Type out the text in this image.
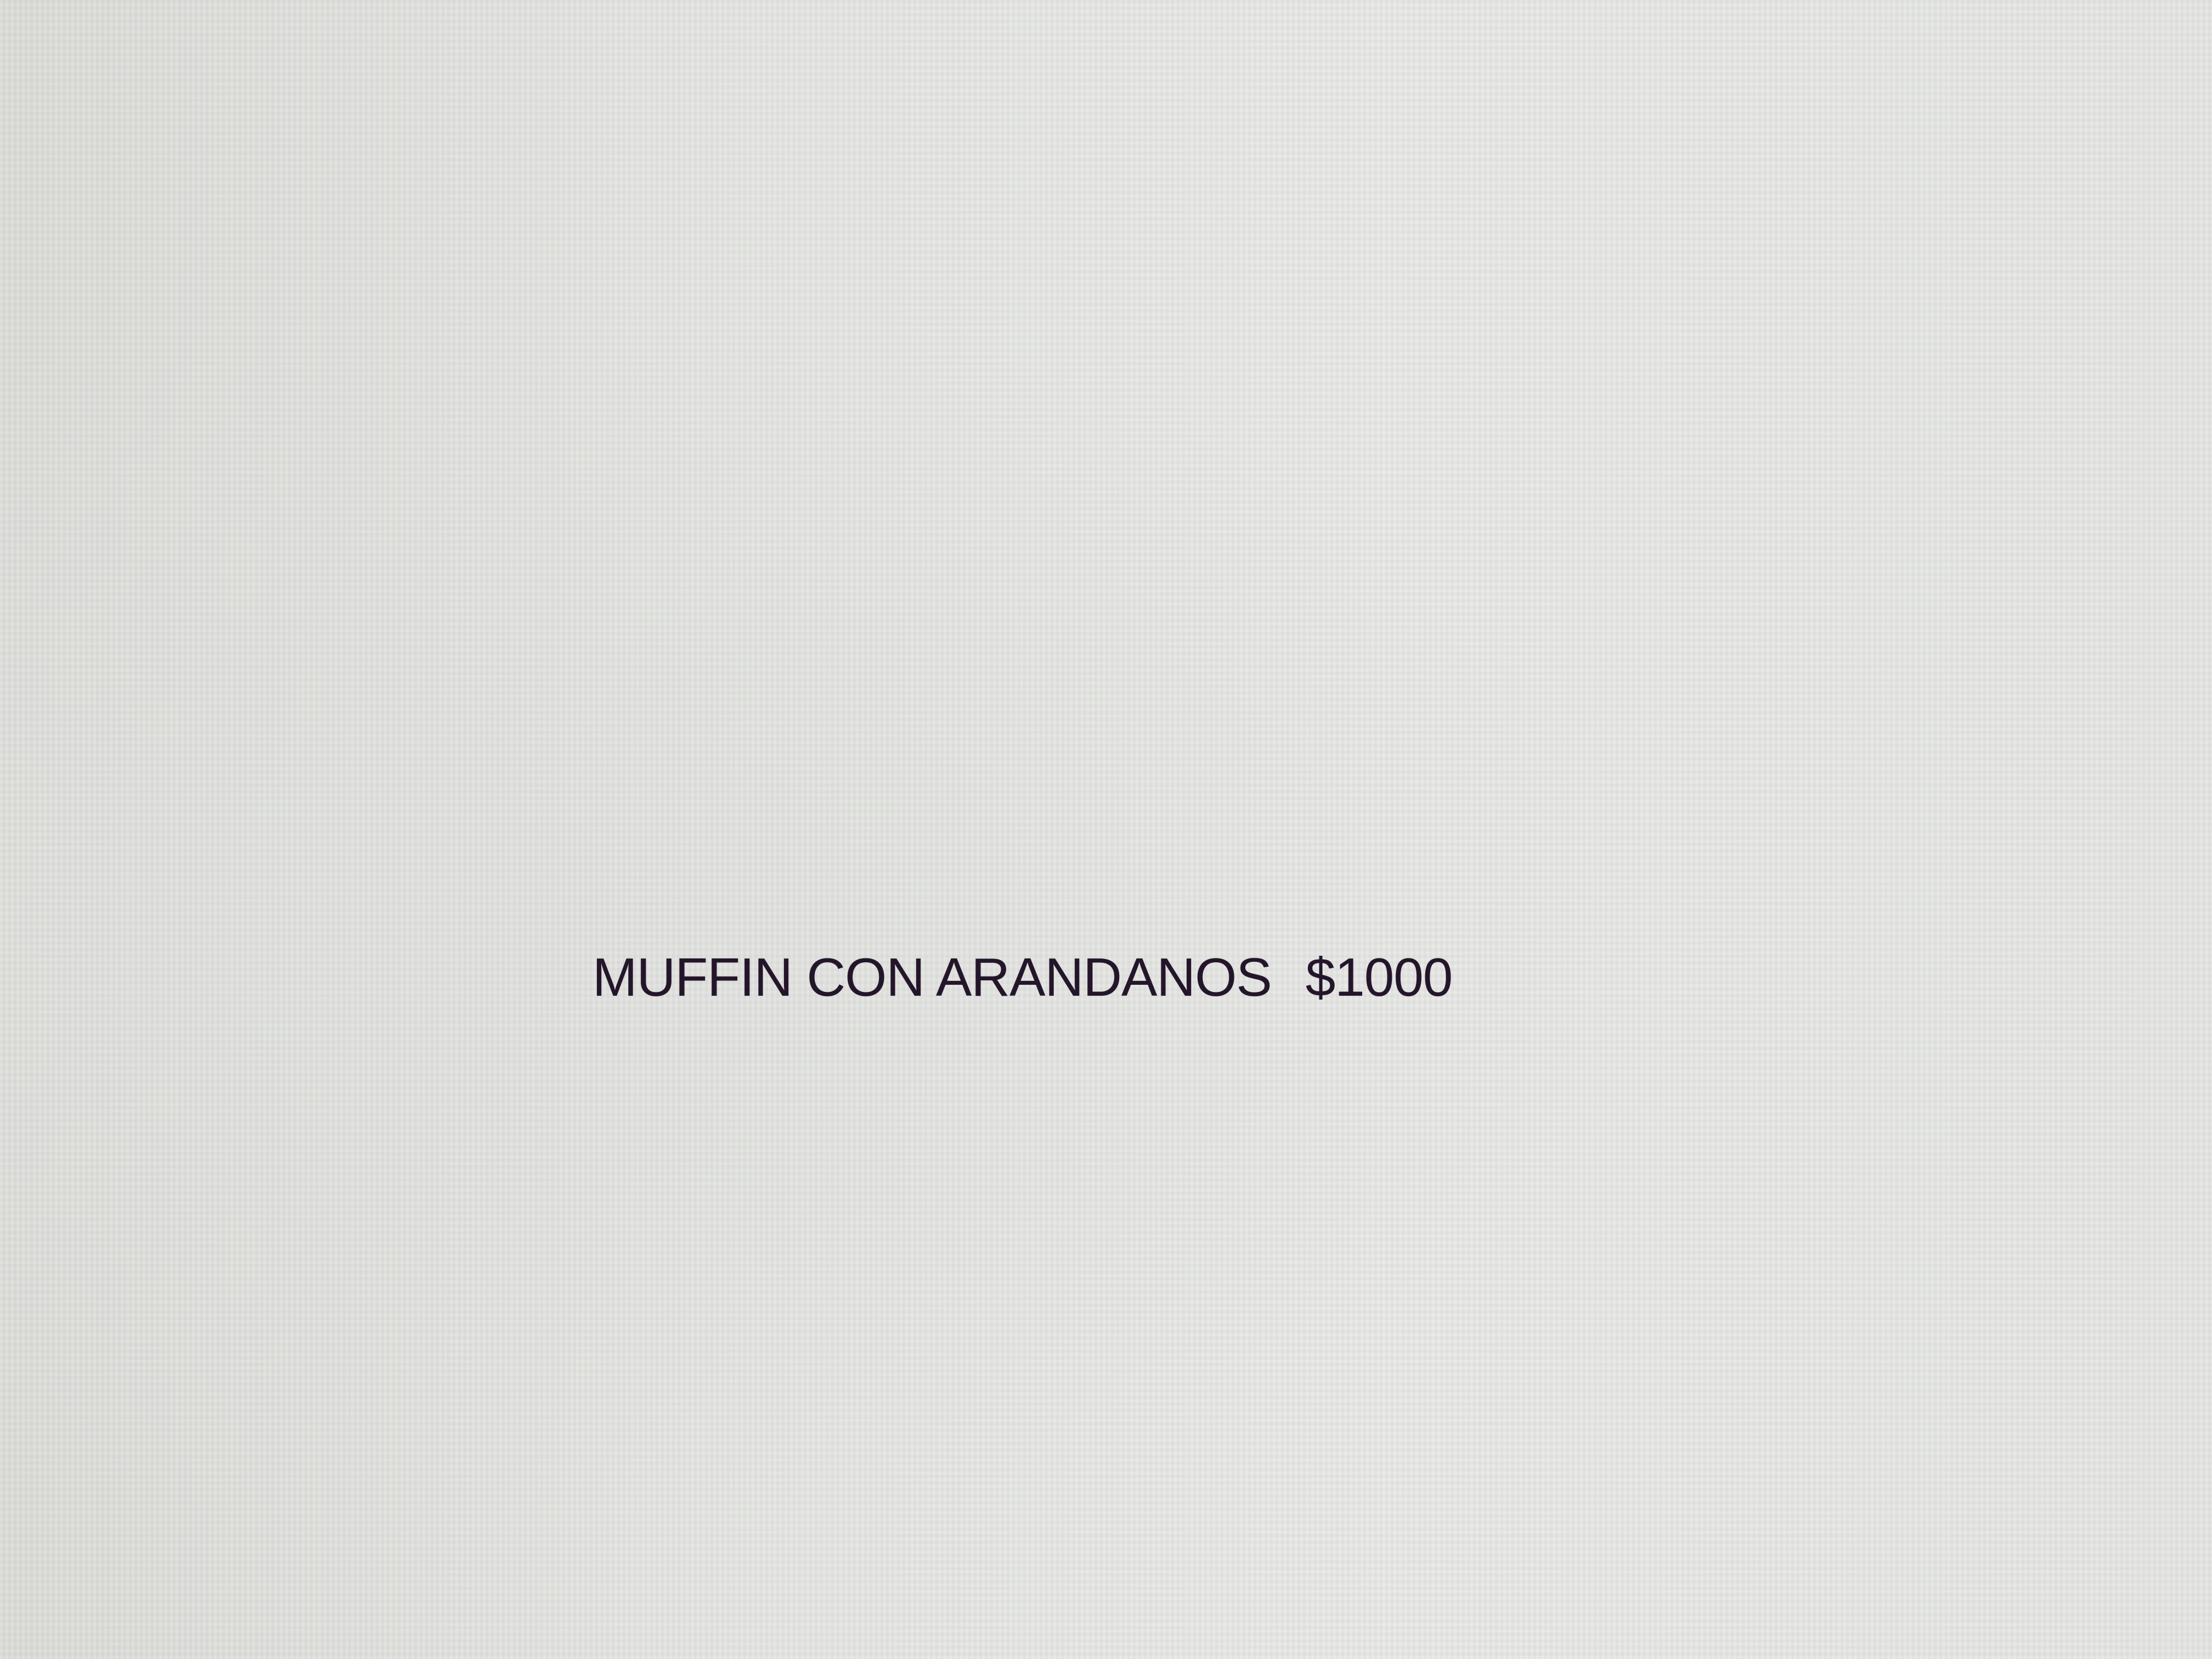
MUFFIN CON ARANDANOS $1000
